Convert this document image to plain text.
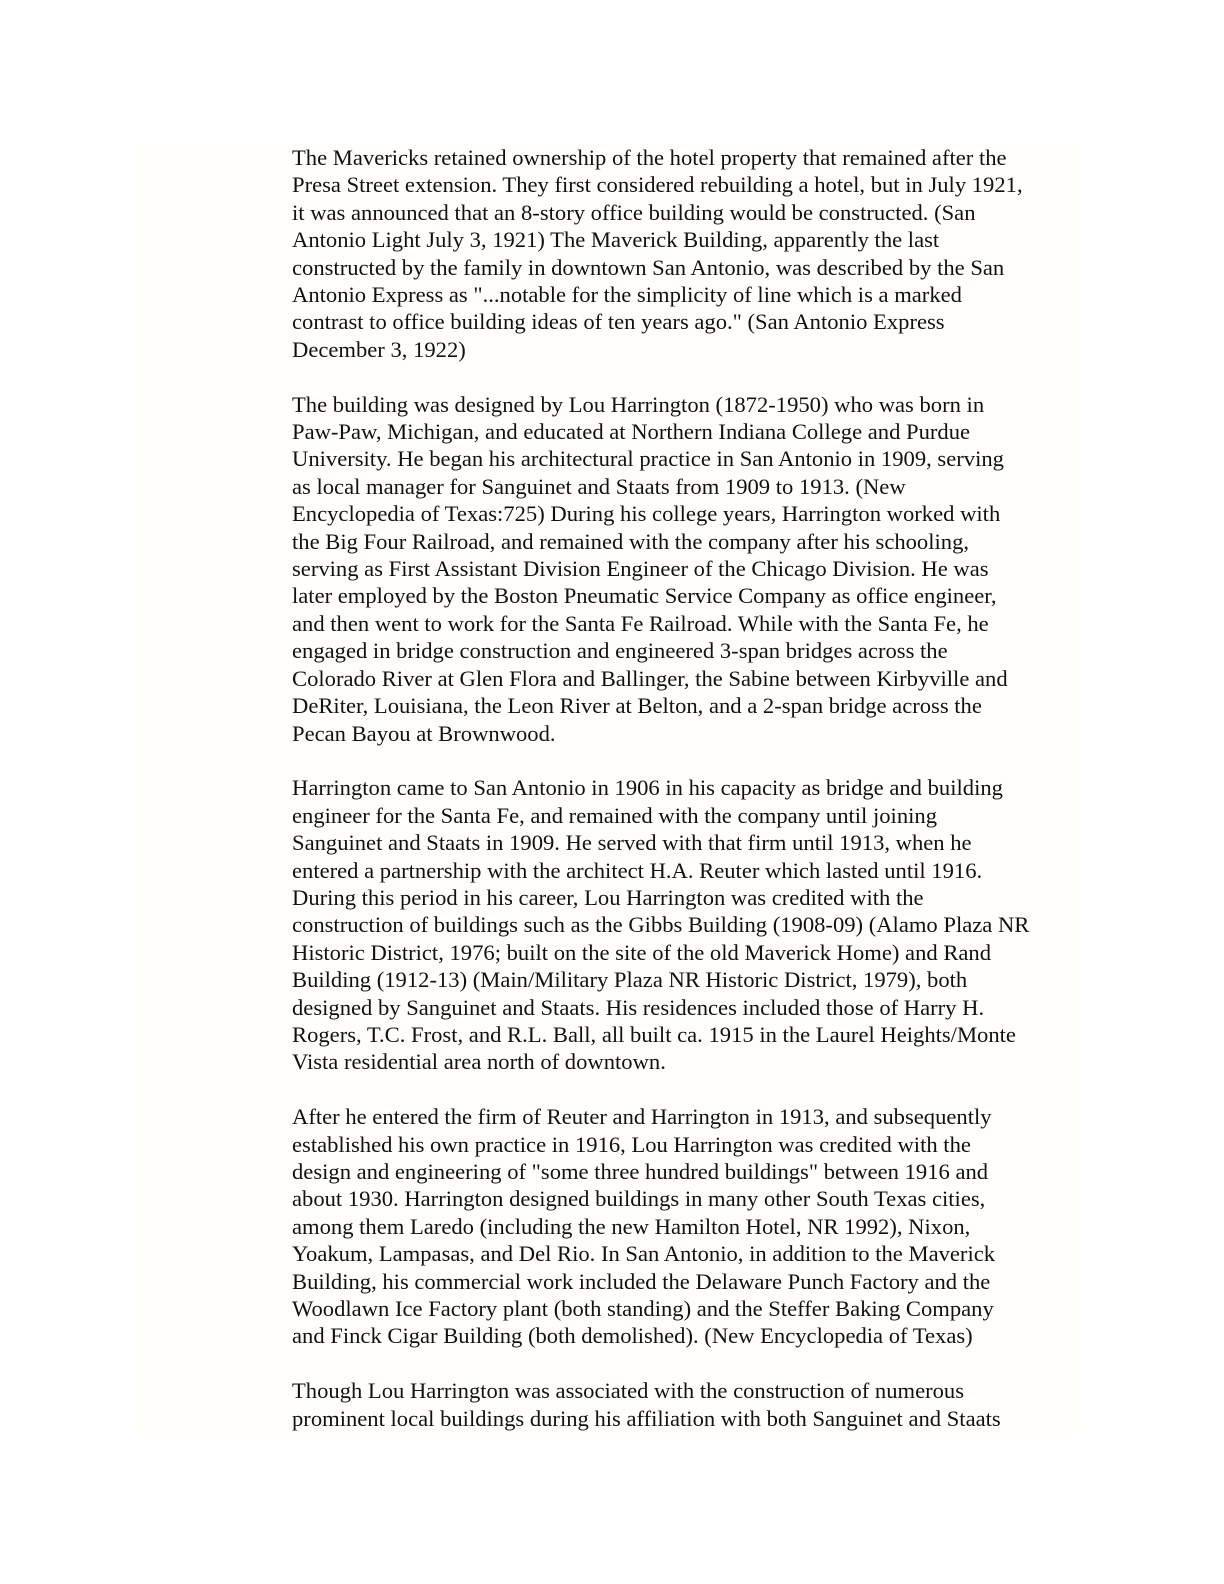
The Mavericks retained ownership of the hotel property that remained after the
Presa Street extension. They first considered rebuilding a hotel, but in July 1921,
it was announced that an 8-story office building would be constructed. (San
Antonio Light July 3, 1921) The Maverick Building, apparently the last
constructed by the family in downtown San Antonio, was described by the San
Antonio Express as "...notable for the simplicity of line which is a marked
contrast to office building ideas of ten years ago." (San Antonio Express
December 3, 1922)

The building was designed by Lou Harrington (1872-1950) who was born in
Paw-Paw, Michigan, and educated at Northern Indiana College and Purdue
University. He began his architectural practice in San Antonio in 1909, serving
as local manager for Sanguinet and Staats from 1909 to 1913. (New
Encyclopedia of Texas:725) During his college years, Harrington worked with
the Big Four Railroad, and remained with the company after his schooling,
serving as First Assistant Division Engineer of the Chicago Division. He was
later employed by the Boston Pneumatic Service Company as office engineer,
and then went to work for the Santa Fe Railroad. While with the Santa Fe, he
engaged in bridge construction and engineered 3-span bridges across the
Colorado River at Glen Flora and Ballinger, the Sabine between Kirbyville and
DeRiter, Louisiana, the Leon River at Belton, and a 2-span bridge across the
Pecan Bayou at Brownwood.

Harrington came to San Antonio in 1906 in his capacity as bridge and building
engineer for the Santa Fe, and remained with the company until joining
Sanguinet and Staats in 1909. He served with that firm until 1913, when he
entered a partnership with the architect H.A. Reuter which lasted until 1916.
During this period in his career, Lou Harrington was credited with the
construction of buildings such as the Gibbs Building (1908-09) (Alamo Plaza NR
Historic District, 1976; built on the site of the old Maverick Home) and Rand
Building (1912-13) (Main/Military Plaza NR Historic District, 1979), both
designed by Sanguinet and Staats. His residences included those of Harry H.
Rogers, T.C. Frost, and R.L. Ball, all built ca. 1915 in the Laurel Heights/Monte
Vista residential area north of downtown.

After he entered the firm of Reuter and Harrington in 1913, and subsequently
established his own practice in 1916, Lou Harrington was credited with the
design and engineering of "some three hundred buildings" between 1916 and
about 1930. Harrington designed buildings in many other South Texas cities,
among them Laredo (including the new Hamilton Hotel, NR 1992), Nixon,
Yoakum, Lampasas, and Del Rio. In San Antonio, in addition to the Maverick
Building, his commercial work included the Delaware Punch Factory and the
Woodlawn Ice Factory plant (both standing) and the Steffer Baking Company
and Finck Cigar Building (both demolished). (New Encyclopedia of Texas)

Though Lou Harrington was associated with the construction of numerous
prominent local buildings during his affiliation with both Sanguinet and Staats
